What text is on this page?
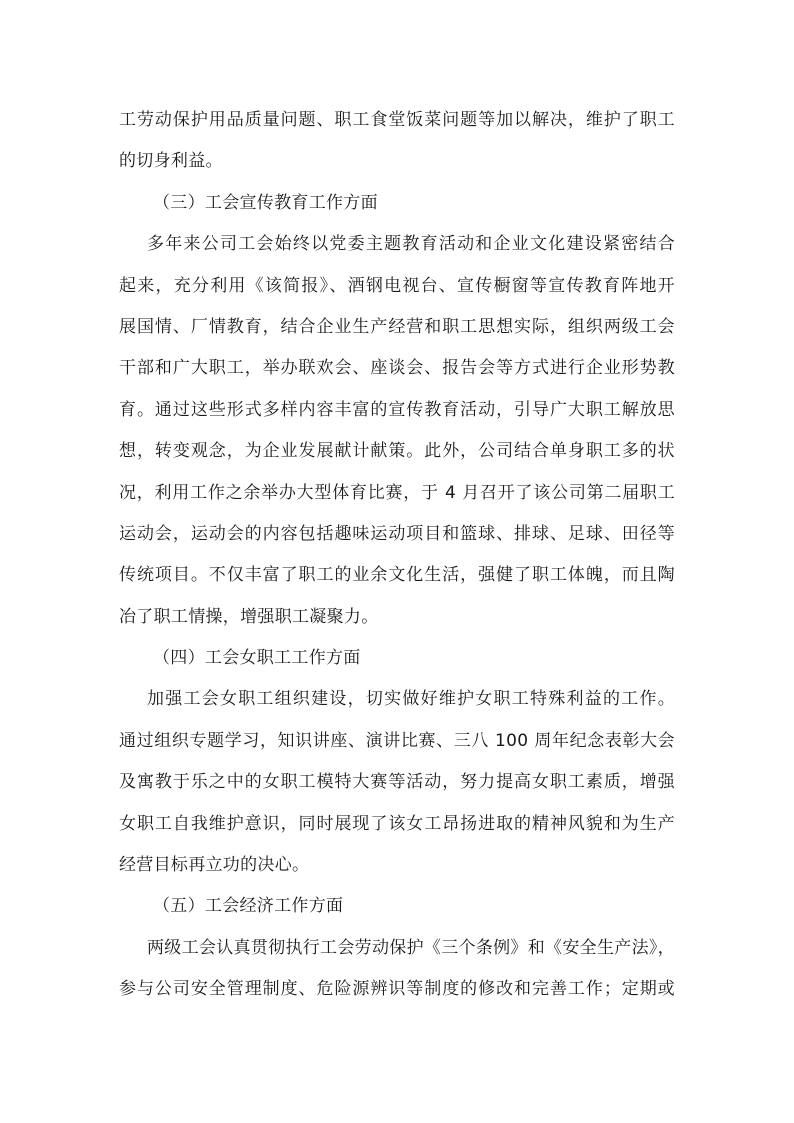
工劳动保护用品质量问题、职工食堂饭菜问题等加以解决，维护了职工
的切身利益。
（三）工会宣传教育工作方面
多年来公司工会始终以党委主题教育活动和企业文化建设紧密结合
起来，充分利用《该简报》、酒钢电视台、宣传橱窗等宣传教育阵地开
展国情、厂情教育，结合企业生产经营和职工思想实际，组织两级工会
干部和广大职工，举办联欢会、座谈会、报告会等方式进行企业形势教
育。通过这些形式多样内容丰富的宣传教育活动，引导广大职工解放思
想，转变观念，为企业发展献计献策。此外，公司结合单身职工多的状
况，利用工作之余举办大型体育比赛，于 4 月召开了该公司第二届职工
运动会，运动会的内容包括趣味运动项目和篮球、排球、足球、田径等
传统项目。不仅丰富了职工的业余文化生活，强健了职工体魄，而且陶
冶了职工情操，增强职工凝聚力。
（四）工会女职工工作方面
加强工会女职工组织建设，切实做好维护女职工特殊利益的工作。
通过组织专题学习，知识讲座、演讲比赛、三八 100 周年纪念表彰大会
及寓教于乐之中的女职工模特大赛等活动，努力提高女职工素质，增强
女职工自我维护意识，同时展现了该女工昂扬进取的精神风貌和为生产
经营目标再立功的决心。
（五）工会经济工作方面
两级工会认真贯彻执行工会劳动保护《三个条例》和《安全生产法》，
参与公司安全管理制度、危险源辨识等制度的修改和完善工作；定期或
